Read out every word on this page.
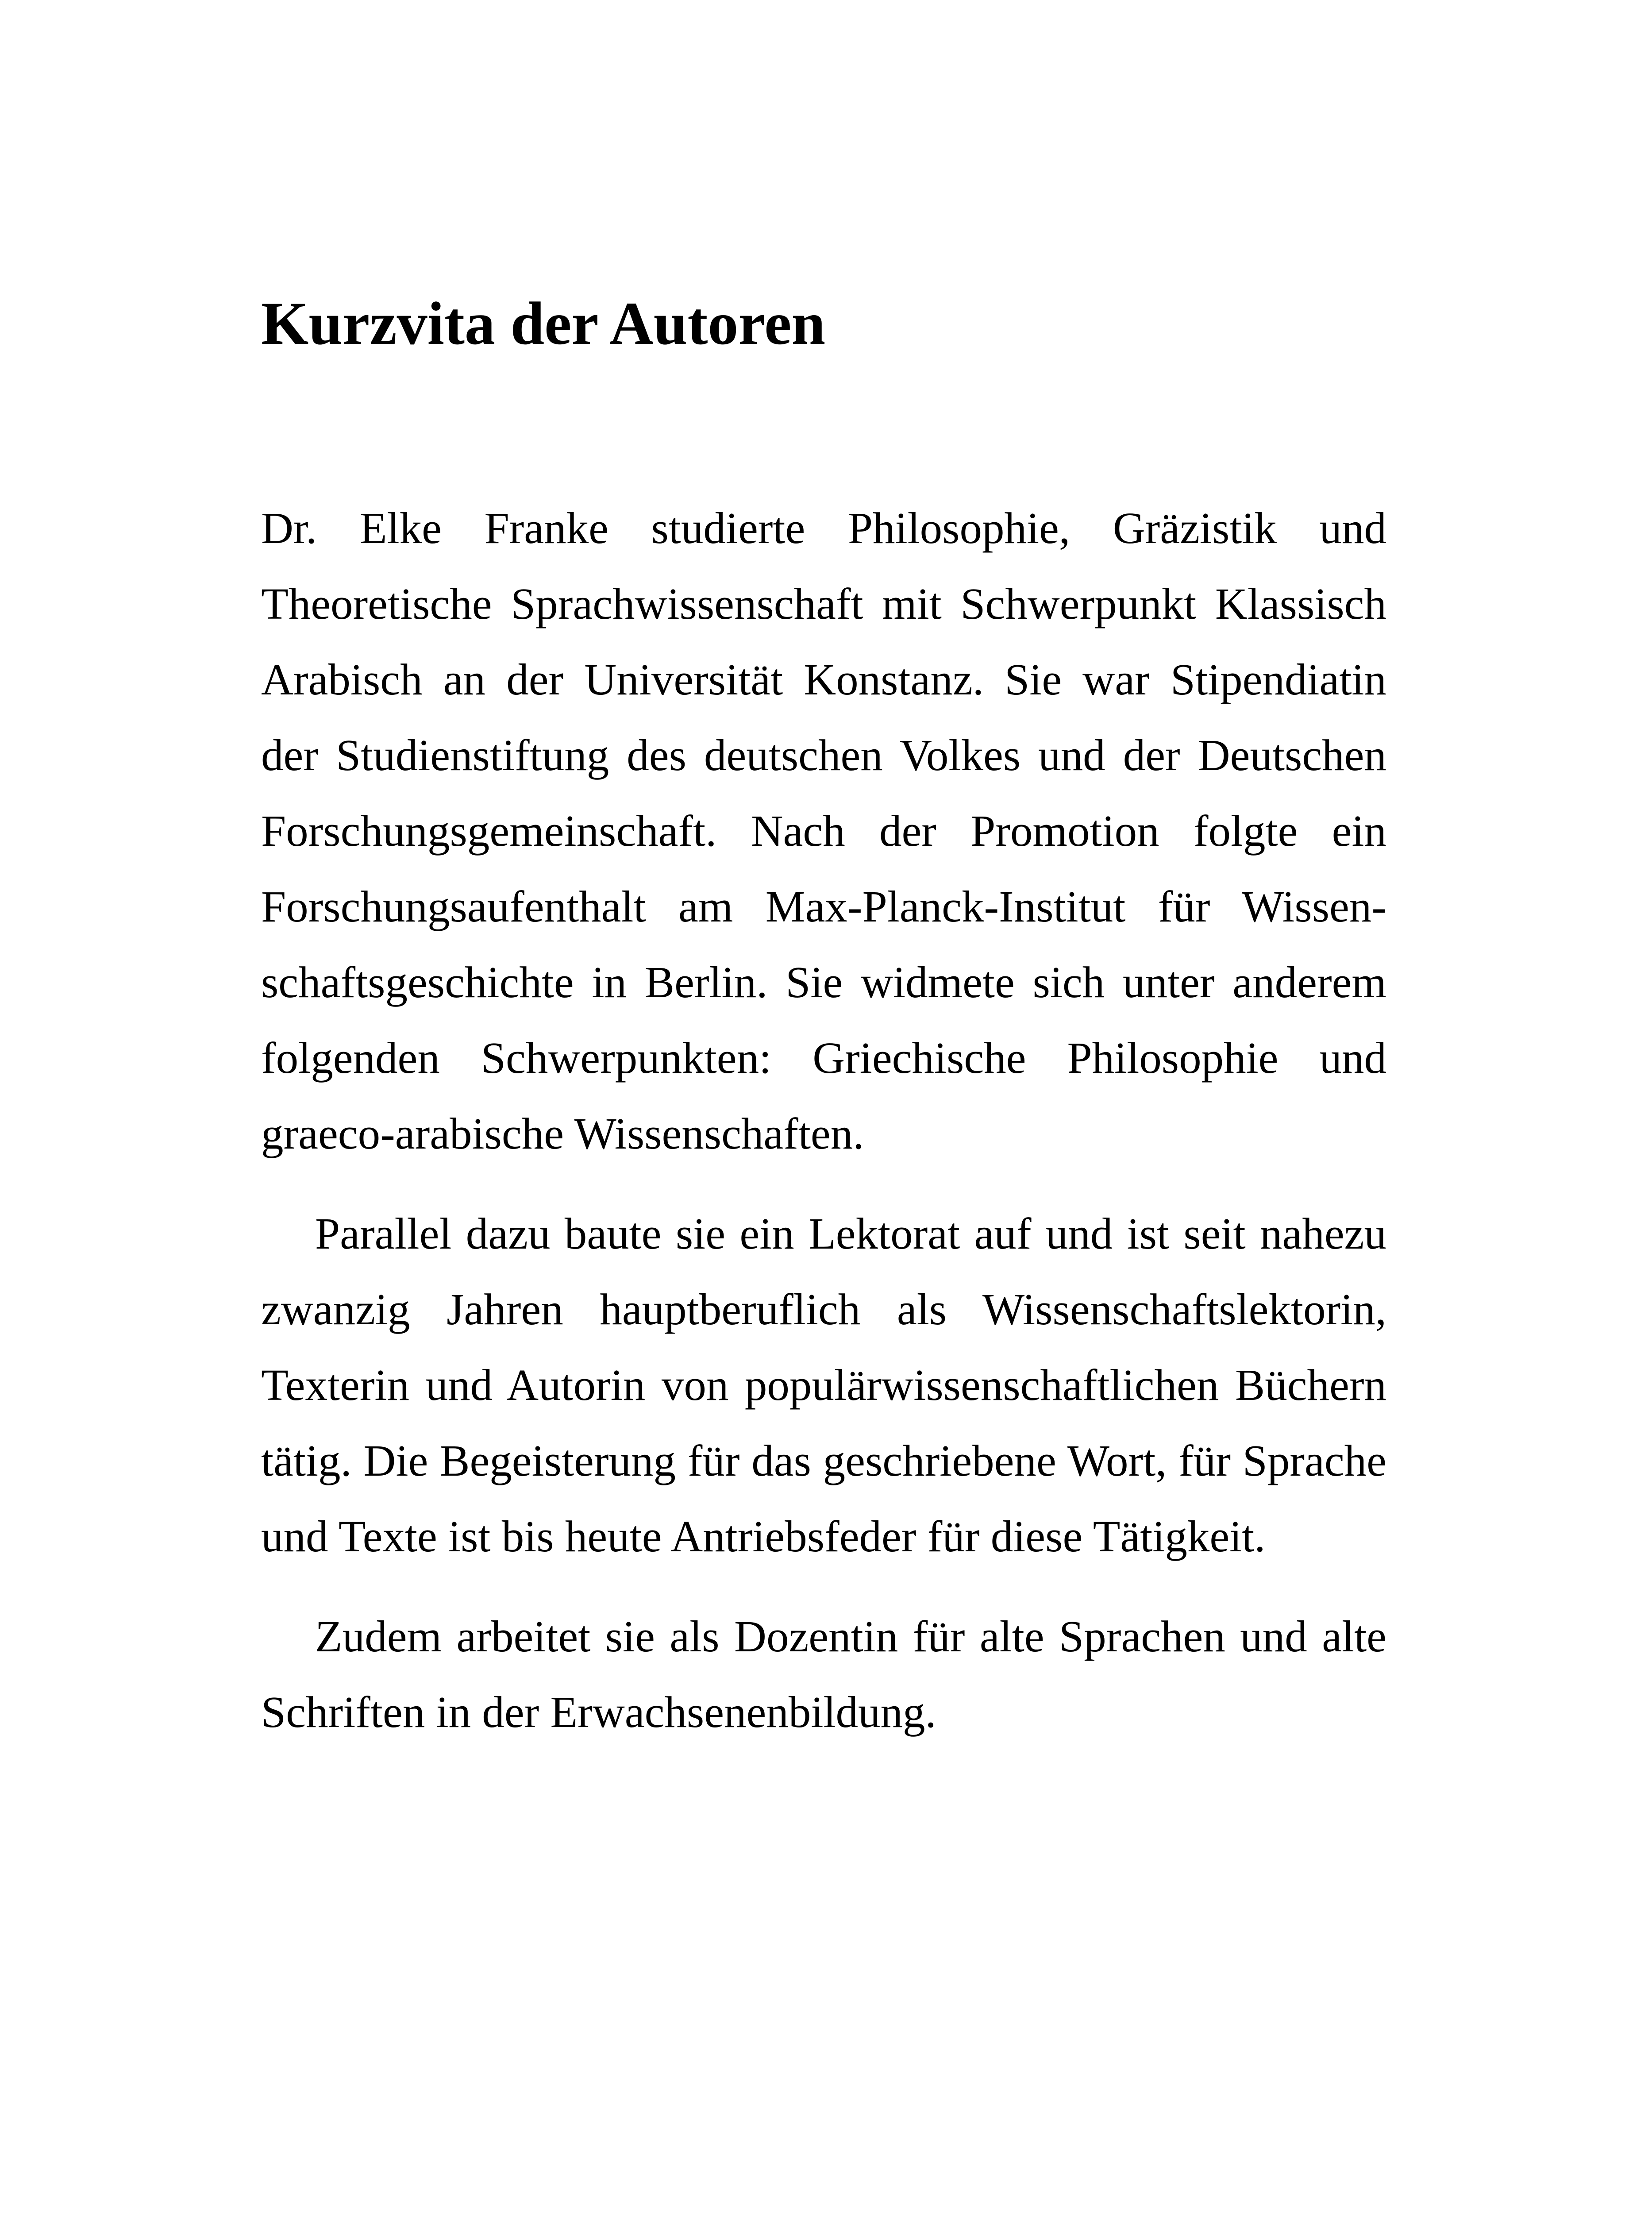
Kurzvita der Autoren

Dr. Elke Franke studierte Philosophie, Gräzistik und Theoretische Sprachwissenschaft mit Schwerpunkt Klassisch Arabisch an der Universität Konstanz. Sie war Stipendiatin der Studienstiftung des deutschen Volkes und der Deutschen Forschungsgemeinschaft. Nach der Promotion folgte ein Forschungsaufenthalt am Max-Planck-Institut für Wissenschaftsgeschichte in Berlin. Sie widmete sich unter anderem folgenden Schwerpunkten: Griechische Philosophie und graeco-arabische Wissenschaften.

Parallel dazu baute sie ein Lektorat auf und ist seit nahezu zwanzig Jahren hauptberuflich als Wissenschaftslektorin, Texterin und Autorin von populärwissenschaftlichen Büchern tätig. Die Begeisterung für das geschriebene Wort, für Sprache und Texte ist bis heute Antriebsfeder für diese Tätigkeit.

Zudem arbeitet sie als Dozentin für alte Sprachen und alte Schriften in der Erwachsenenbildung.
